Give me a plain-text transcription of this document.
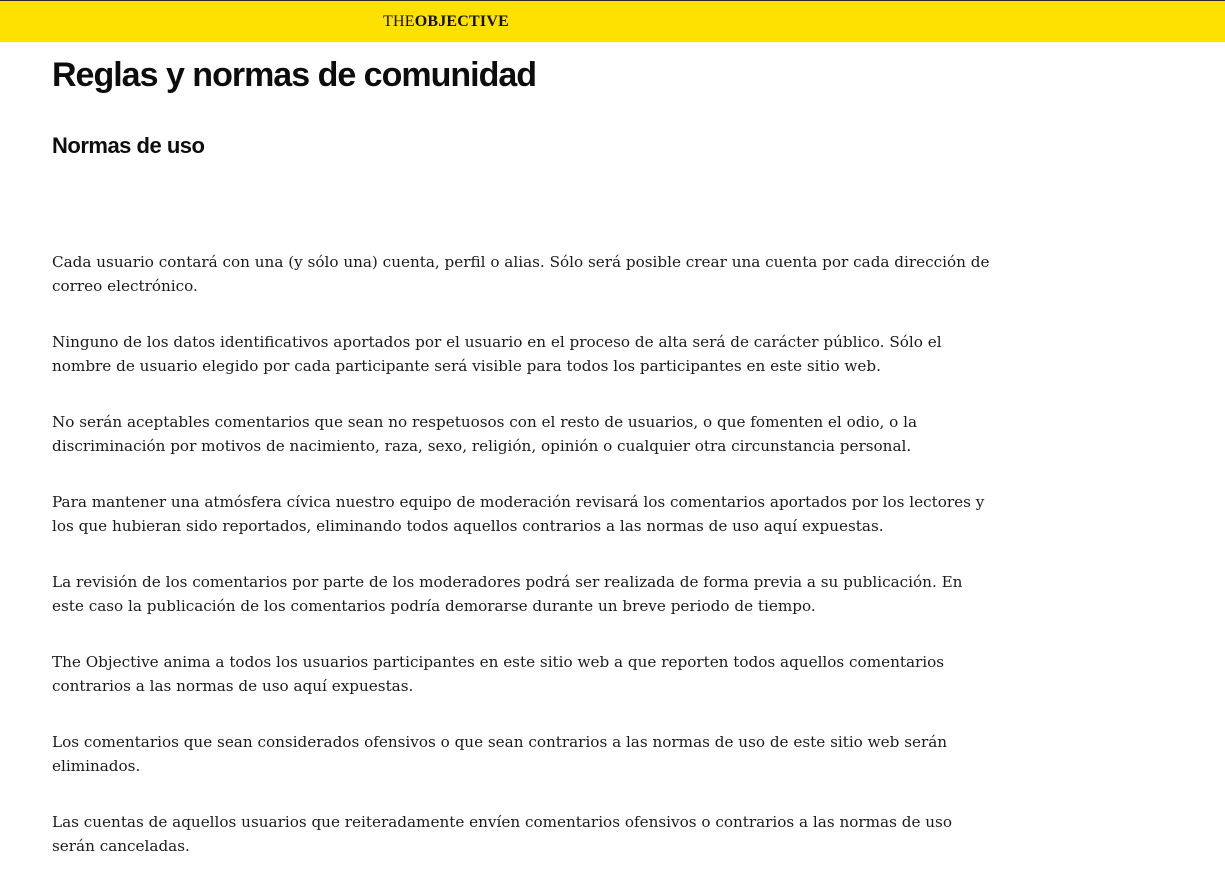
THEOBJECTIVE
Reglas y normas de comunidad
Normas de uso

Cada usuario contará con una (y sólo una) cuenta, perfil o alias. Sólo será posible crear una cuenta por cada dirección de correo electrónico.

Ninguno de los datos identificativos aportados por el usuario en el proceso de alta será de carácter público. Sólo el nombre de usuario elegido por cada participante será visible para todos los participantes en este sitio web.

No serán aceptables comentarios que sean no respetuosos con el resto de usuarios, o que fomenten el odio, o la discriminación por motivos de nacimiento, raza, sexo, religión, opinión o cualquier otra circunstancia personal.

Para mantener una atmósfera cívica nuestro equipo de moderación revisará los comentarios aportados por los lectores y los que hubieran sido reportados, eliminando todos aquellos contrarios a las normas de uso aquí expuestas.

La revisión de los comentarios por parte de los moderadores podrá ser realizada de forma previa a su publicación. En este caso la publicación de los comentarios podría demorarse durante un breve periodo de tiempo.

The Objective anima a todos los usuarios participantes en este sitio web a que reporten todos aquellos comentarios contrarios a las normas de uso aquí expuestas.

Los comentarios que sean considerados ofensivos o que sean contrarios a las normas de uso de este sitio web serán eliminados.

Las cuentas de aquellos usuarios que reiteradamente envíen comentarios ofensivos o contrarios a las normas de uso serán canceladas.
